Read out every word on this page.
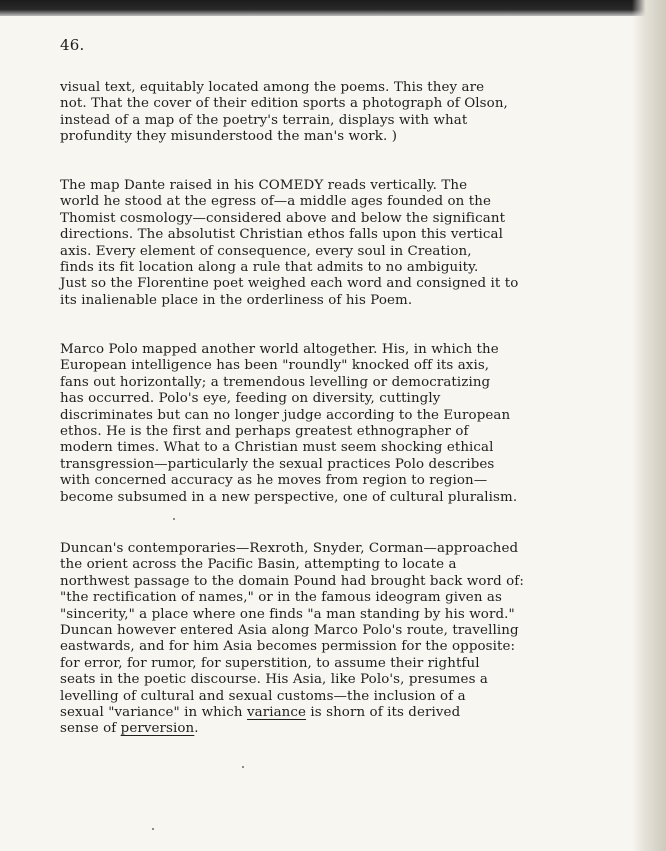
46.
visual text, equitably located among the poems. This they are
not. That the cover of their edition sports a photograph of Olson,
instead of a map of the poetry's terrain, displays with what
profundity they misunderstood the man's work. )
The map Dante raised in his COMEDY reads vertically. The
world he stood at the egress of—a middle ages founded on the
Thomist cosmology—considered above and below the significant
directions. The absolutist Christian ethos falls upon this vertical
axis. Every element of consequence, every soul in Creation,
finds its fit location along a rule that admits to no ambiguity.
Just so the Florentine poet weighed each word and consigned it to
its inalienable place in the orderliness of his Poem.
Marco Polo mapped another world altogether. His, in which the
European intelligence has been "roundly" knocked off its axis,
fans out horizontally; a tremendous levelling or democratizing
has occurred. Polo's eye, feeding on diversity, cuttingly
discriminates but can no longer judge according to the European
ethos. He is the first and perhaps greatest ethnographer of
modern times. What to a Christian must seem shocking ethical
transgression—particularly the sexual practices Polo describes
with concerned accuracy as he moves from region to region—
become subsumed in a new perspective, one of cultural pluralism.
Duncan's contemporaries—Rexroth, Snyder, Corman—approached
the orient across the Pacific Basin, attempting to locate a
northwest passage to the domain Pound had brought back word of:
"the rectification of names," or in the famous ideogram given as
"sincerity," a place where one finds "a man standing by his word."
Duncan however entered Asia along Marco Polo's route, travelling
eastwards, and for him Asia becomes permission for the opposite:
for error, for rumor, for superstition, to assume their rightful
seats in the poetic discourse. His Asia, like Polo's, presumes a
levelling of cultural and sexual customs—the inclusion of a
sexual "variance" in which variance is shorn of its derived
sense of perversion.
